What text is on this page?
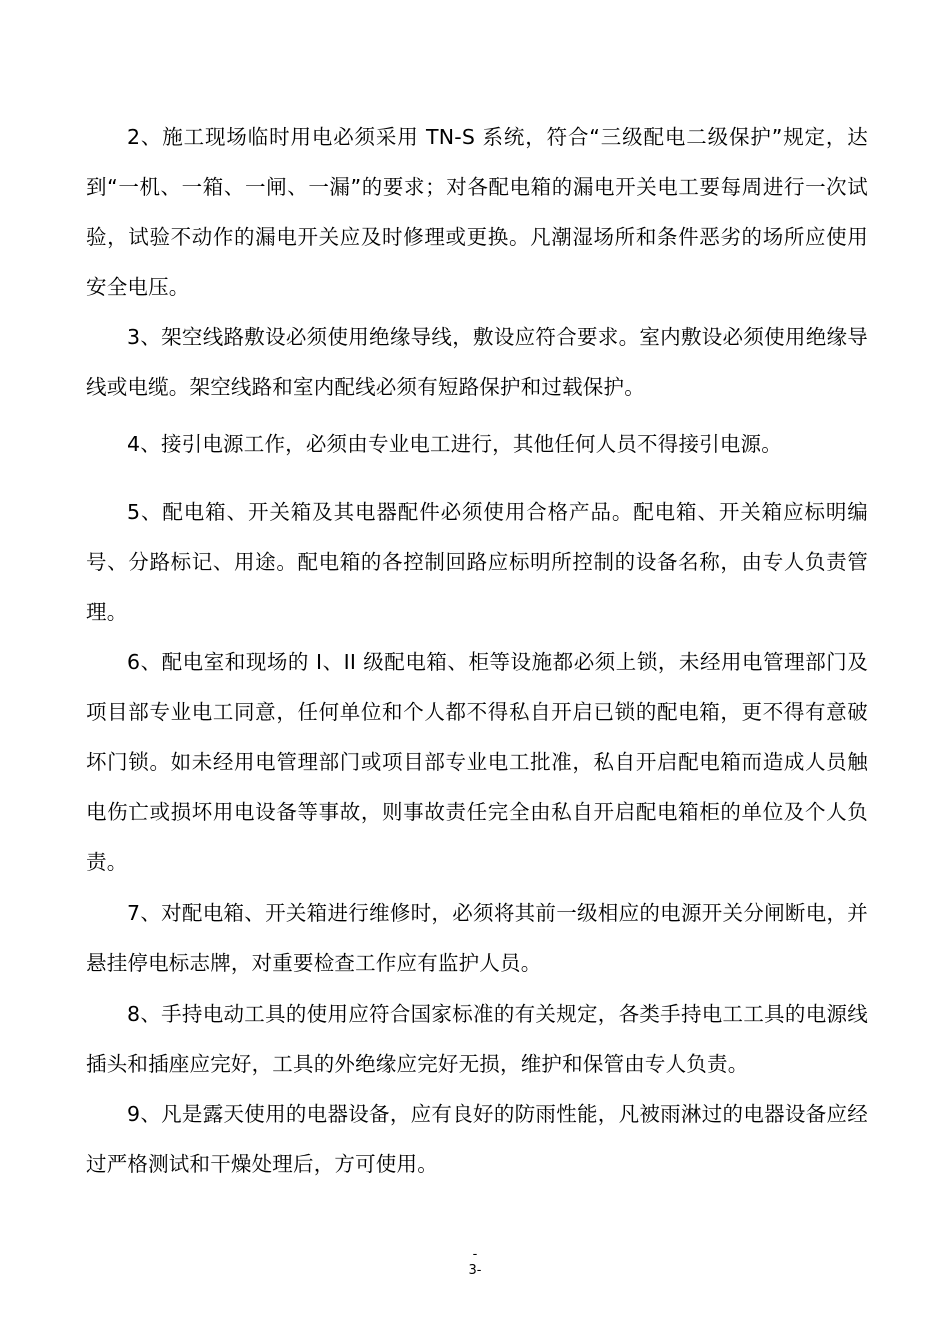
2、施工现场临时用电必须采用 TN-S 系统，符合“三级配电二级保护”规定，达到“一机、一箱、一闸、一漏”的要求；对各配电箱的漏电开关电工要每周进行一次试验，试验不动作的漏电开关应及时修理或更换。凡潮湿场所和条件恶劣的场所应使用安全电压。

3、架空线路敷设必须使用绝缘导线，敷设应符合要求。室内敷设必须使用绝缘导线或电缆。架空线路和室内配线必须有短路保护和过载保护。

4、接引电源工作，必须由专业电工进行，其他任何人员不得接引电源。

5、配电箱、开关箱及其电器配件必须使用合格产品。配电箱、开关箱应标明编号、分路标记、用途。配电箱的各控制回路应标明所控制的设备名称，由专人负责管理。

6、配电室和现场的 I、II 级配电箱、柜等设施都必须上锁，未经用电管理部门及项目部专业电工同意，任何单位和个人都不得私自开启已锁的配电箱，更不得有意破坏门锁。如未经用电管理部门或项目部专业电工批准，私自开启配电箱而造成人员触电伤亡或损坏用电设备等事故，则事故责任完全由私自开启配电箱柜的单位及个人负责。

7、对配电箱、开关箱进行维修时，必须将其前一级相应的电源开关分闸断电，并悬挂停电标志牌，对重要检查工作应有监护人员。

8、手持电动工具的使用应符合国家标准的有关规定，各类手持电工工具的电源线插头和插座应完好，工具的外绝缘应完好无损，维护和保管由专人负责。

9、凡是露天使用的电器设备，应有良好的防雨性能，凡被雨淋过的电器设备应经过严格测试和干燥处理后，方可使用。

-
3-
